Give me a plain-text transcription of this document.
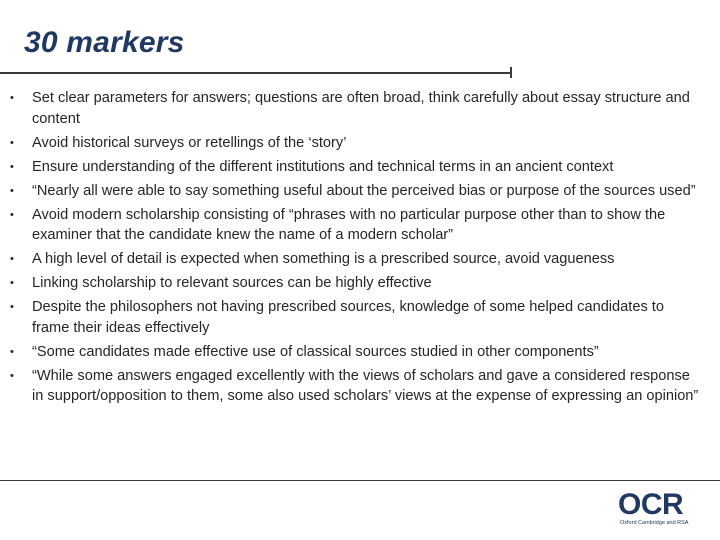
30 markers
•	Set clear parameters for answers; questions are often broad, think carefully about essay structure and content
•	Avoid historical surveys or retellings of the ‘story’
•	Ensure understanding of the different institutions and technical terms in an ancient context
•	“Nearly all were able to say something useful about the perceived bias or purpose of the sources used”
•	Avoid modern scholarship consisting of “phrases with no particular purpose other than to show the examiner that the candidate knew the name of a modern scholar”
•	A high level of detail is expected when something is a prescribed source, avoid vagueness
•	Linking scholarship to relevant sources can be highly effective
•	Despite the philosophers not having prescribed sources, knowledge of some helped candidates to frame their ideas effectively
•	“Some candidates made effective use of classical sources studied in other components”
•	“While some answers engaged excellently with the views of scholars and gave a considered response in support/opposition to them, some also used scholars’ views at the expense of expressing an opinion”
OCR
Oxford Cambridge and RSA
